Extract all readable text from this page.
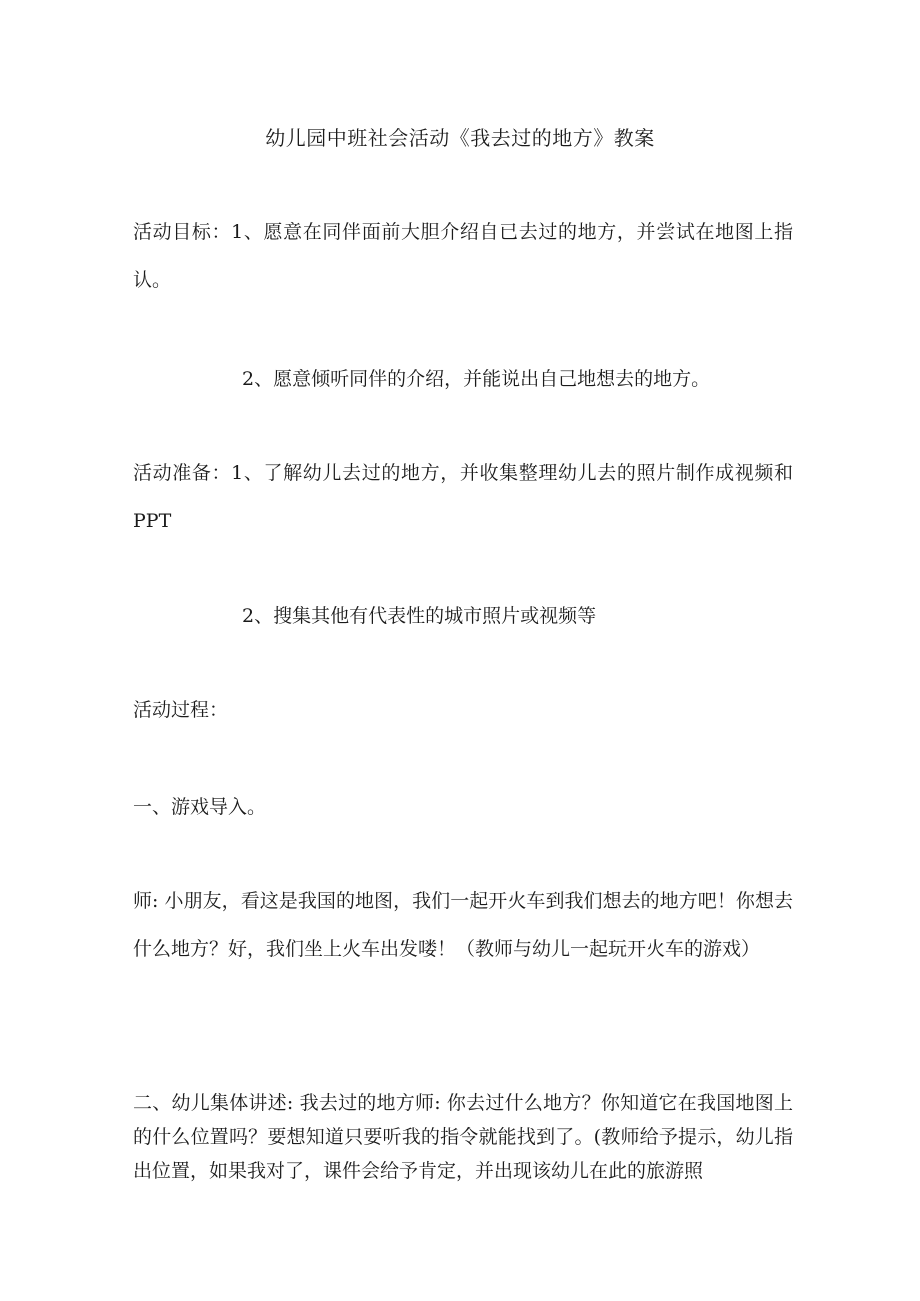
幼儿园中班社会活动《我去过的地方》教案
活动目标：1、愿意在同伴面前大胆介绍自已去过的地方，并尝试在地图上指认。
2、愿意倾听同伴的介绍，并能说出自己地想去的地方。
活动准备：1、了解幼儿去过的地方，并收集整理幼儿去的照片制作成视频和PPT
2、搜集其他有代表性的城市照片或视频等
活动过程：
一、游戏导入。
师: 小朋友，看这是我国的地图，我们一起开火车到我们想去的地方吧！你想去什么地方？好，我们坐上火车出发喽！（教师与幼儿一起玩开火车的游戏）
二、幼儿集体讲述: 我去过的地方师: 你去过什么地方？你知道它在我国地图上的什么位置吗？要想知道只要听我的指令就能找到了。(教师给予提示，幼儿指出位置，如果我对了，课件会给予肯定，并出现该幼儿在此的旅游照
